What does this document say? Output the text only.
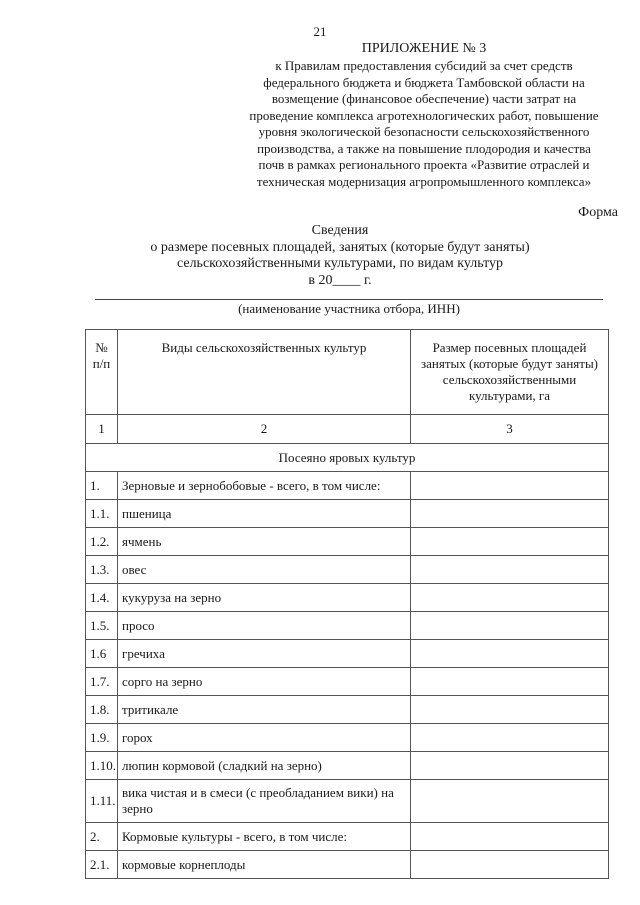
21
ПРИЛОЖЕНИЕ № 3
к Правилам предоставления субсидий за счет средств
федерального бюджета и бюджета Тамбовской области на
возмещение (финансовое обеспечение) части затрат на
проведение комплекса агротехнологических работ, повышение
уровня экологической безопасности сельскохозяйственного
производства, а также на повышение плодородия и качества
почв в рамках регионального проекта «Развитие отраслей и
техническая модернизация агропромышленного комплекса»
Форма
Сведения
о размере посевных площадей, занятых (которые будут заняты)
сельскохозяйственными культурами, по видам культур
в 20____ г.
(наименование участника отбора, ИНН)
№ п/п	Виды сельскохозяйственных культур	Размер посевных площадей занятых (которые будут заняты) сельскохозяйственными культурами, га
1	2	3
Посеяно яровых культур		
1.	Зерновые и зернобобовые - всего, в том числе:	
1.1.	пшеница	
1.2.	ячмень	
1.3.	овес	
1.4.	кукуруза на зерно	
1.5.	просо	
1.6	гречиха	
1.7.	сорго на зерно	
1.8.	тритикале	
1.9.	горох	
1.10.	люпин кормовой (сладкий на зерно)	
1.11.	вика чистая и в смеси (с преобладанием вики) на зерно	
2.	Кормовые культуры - всего, в том числе:	
2.1.	кормовые корнеплоды	
